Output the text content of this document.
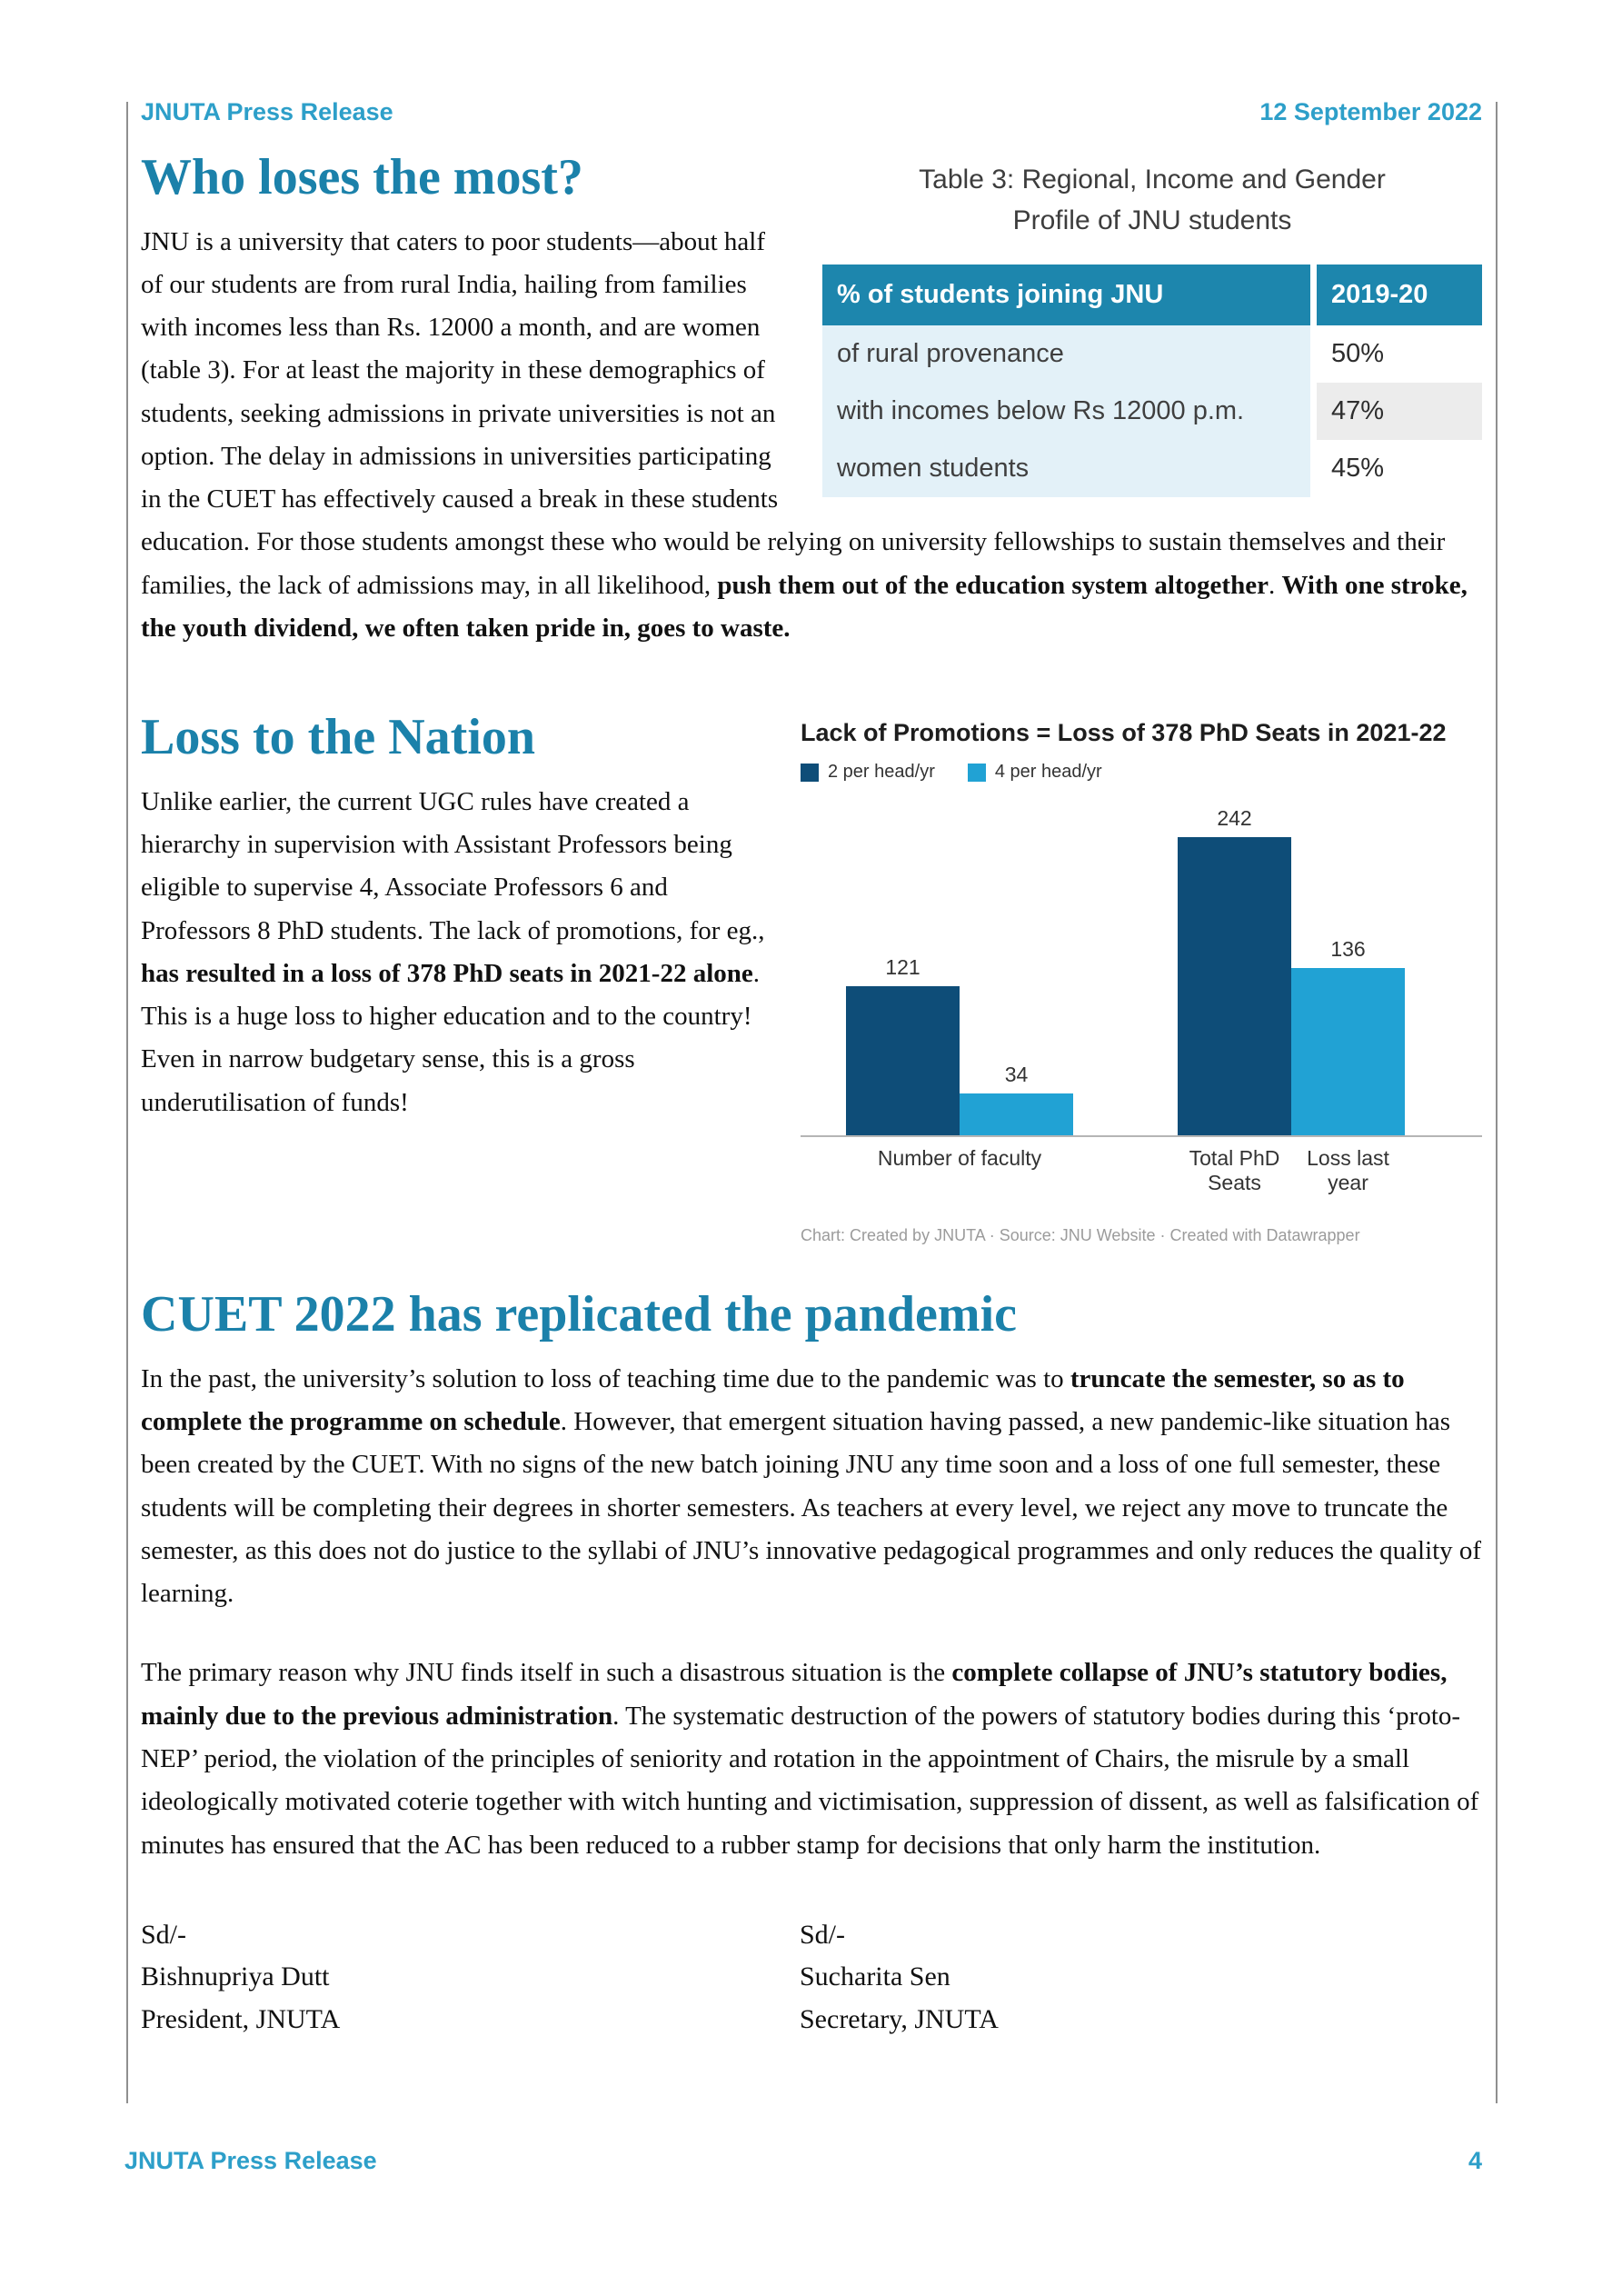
JNUTA Press Release	12 September 2022
Table 3: Regional, Income and Gender
Profile of JNU students
% of students joining JNU	2019-20
of rural provenance	50%
with incomes below Rs 12000 p.m.	47%
women students	45%
Who loses the most?

JNU is a university that caters to poor students—about half of our students are from rural India, hailing from families with incomes less than Rs. 12000 a month, and are women (table 3). For at least the majority in these demographics of students, seeking admissions in private universities is not an option. The delay in admissions in universities participating in the CUET has effectively caused a break in these students education. For those students amongst these who would be relying on university fellowships to sustain themselves and their families, the lack of admissions may, in all likelihood, push them out of the education system altogether. With one stroke, the youth dividend, we often taken pride in, goes to waste.

Lack of Promotions = Loss of 378 PhD Seats in 2021-22
2 per head/yr	4 per head/yr
121
34
242
136
Number of faculty	Total PhD Seats
Loss last year
Chart: Created by JNUTA · Source: JNU Website · Created with Datawrapper
Loss to the Nation

Unlike earlier, the current UGC rules have created a hierarchy in supervision with Assistant Professors being eligible to supervise 4, Associate Professors 6 and Professors 8 PhD students. The lack of promotions, for eg., has resulted in a loss of 378 PhD seats in 2021-22 alone. This is a huge loss to higher education and to the country! Even in narrow budgetary sense, this is a gross underutilisation of funds!

CUET 2022 has replicated the pandemic

In the past, the university’s solution to loss of teaching time due to the pandemic was to truncate the semester, so as to complete the programme on schedule. However, that emergent situation having passed, a new pandemic-like situation has been created by the CUET. With no signs of the new batch joining JNU any time soon and a loss of one full semester, these students will be completing their degrees in shorter semesters. As teachers at every level, we reject any move to truncate the semester, as this does not do justice to the syllabi of JNU’s innovative pedagogical programmes and only reduces the quality of learning.

The primary reason why JNU finds itself in such a disastrous situation is the complete collapse of JNU’s statutory bodies, mainly due to the previous administration. The systematic destruction of the powers of statutory bodies during this ‘proto-NEP’ period, the violation of the principles of seniority and rotation in the appointment of Chairs, the misrule by a small ideologically motivated coterie together with witch hunting and victimisation, suppression of dissent, as well as falsification of minutes has ensured that the AC has been reduced to a rubber stamp for decisions that only harm the institution.

Sd/-
Bishnupriya Dutt
President, JNUTA
Sd/-
Sucharita Sen
Secretary, JNUTA
JNUTA Press Release	4
